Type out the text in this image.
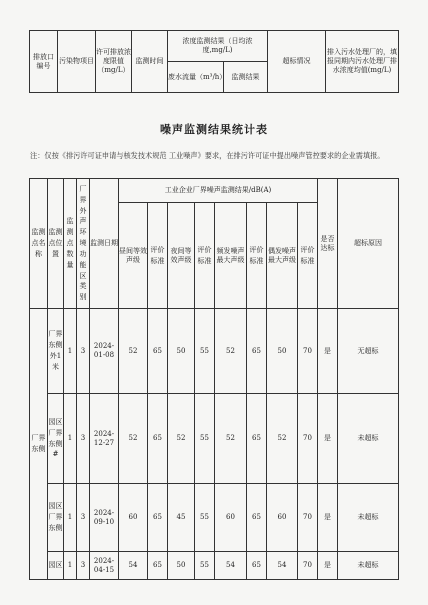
排放口编号	污染物项目	许可排放浓度限值（mg/L）	监测时间	浓度监测结果（日均浓度,mg/L)		超标情况	排入污水处理厂的，填报同期内污水处理厂排水浓度均值(mg/L)
				废水流量（m³/h）	监测结果		
噪声监测结果统计表
注：仅按《排污许可证申请与核发技术规范 工业噪声》要求，在排污许可证中提出噪声管控要求的企业需填报。
监测点名称	监测点位置	监测点数量	厂界外声环境功能区类别	监测日期	工业企业厂界噪声监测结果/dB(A)								是否达标	超标原因
					昼间等效声级	评价标准	夜间等效声级	评价标准	频发噪声最大声级	评价标准	偶发噪声最大声级	评价标准		
厂界东侧	厂界东侧外1米	1	3	2024-01-08	52	65	50	55	52	65	50	70	是	无超标
	园区厂界东侧#	1	3	2024-12-27	52	65	52	55	52	65	52	70	是	未超标
	园区厂界东侧	1	3	2024-09-10	60	65	45	55	60	65	60	70	是	未超标
	园区	1	3	2024-04-15	54	65	50	55	54	65	54	70	是	未超标
